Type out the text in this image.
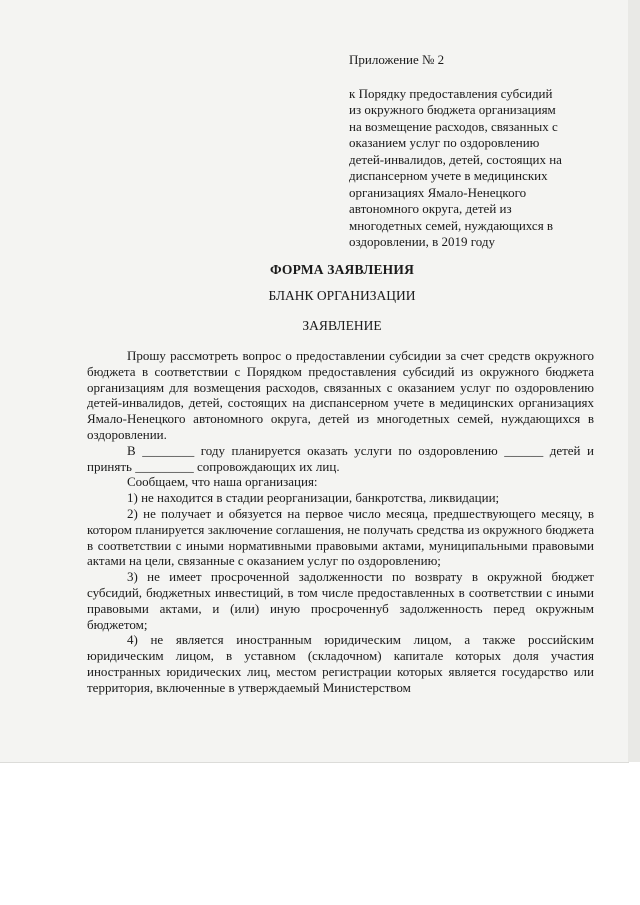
Приложение № 2
к Порядку предоставления субсидий
из окружного бюджета организациям
на возмещение расходов, связанных с
оказанием услуг по оздоровлению
детей-инвалидов, детей, состоящих на
диспансерном учете в медицинских
организациях Ямало-Ненецкого
автономного округа, детей из
многодетных семей, нуждающихся в
оздоровлении, в 2019 году
ФОРМА ЗАЯВЛЕНИЯ
БЛАНК ОРГАНИЗАЦИИ
ЗАЯВЛЕНИЕ

Прошу рассмотреть вопрос о предоставлении субсидии за счет средств окружного бюджета в соответствии с Порядком предоставления субсидий из окружного бюджета организациям для возмещения расходов, связанных с оказанием услуг по оздоровлению детей-инвалидов, детей, состоящих на диспансерном учете в медицинских организациях Ямало-Ненецкого автономного округа, детей из многодетных семей, нуждающихся в оздоровлении.

В ________ году планируется оказать услуги по оздоровлению ______ детей и принять _________ сопровождающих их лиц.

Сообщаем, что наша организация:

1) не находится в стадии реорганизации, банкротства, ликвидации;

2) не получает и обязуется на первое число месяца, предшествующего месяцу, в котором планируется заключение соглашения, не получать средства из окружного бюджета в соответствии с иными нормативными правовыми актами, муниципальными правовыми актами на цели, связанные с оказанием услуг по оздоровлению;

3) не имеет просроченной задолженности по возврату в окружной бюджет субсидий, бюджетных инвестиций, в том числе предоставленных в соответствии с иными правовыми актами, и (или) иную просроченнуб задолженность перед окружным бюджетом;

4) не является иностранным юридическим лицом, а также российским юридическим лицом, в уставном (складочном) капитале которых доля участия иностранных юридических лиц, местом регистрации которых является государство или территория, включенные в утверждаемый Министерством
